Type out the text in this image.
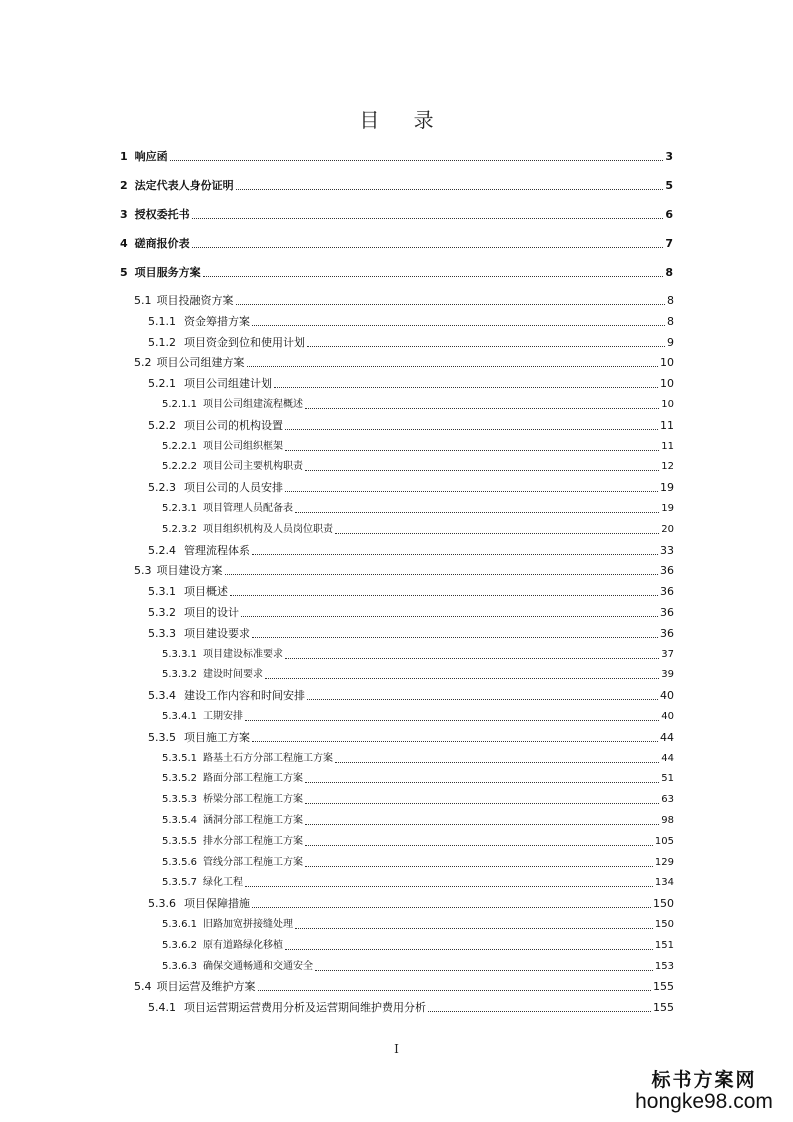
目 录
1 响应函	3
2 法定代表人身份证明	5
3 授权委托书	6
4 磋商报价表	7
5 项目服务方案	8
5.1 项目投融资方案	8
5.1.1 资金筹措方案	8
5.1.2 项目资金到位和使用计划	9
5.2 项目公司组建方案	10
5.2.1 项目公司组建计划	10
5.2.1.1 项目公司组建流程概述	10
5.2.2 项目公司的机构设置	11
5.2.2.1 项目公司组织框架	11
5.2.2.2 项目公司主要机构职责	12
5.2.3 项目公司的人员安排	19
5.2.3.1 项目管理人员配备表	19
5.2.3.2 项目组织机构及人员岗位职责	20
5.2.4 管理流程体系	33
5.3 项目建设方案	36
5.3.1 项目概述	36
5.3.2 项目的设计	36
5.3.3 项目建设要求	36
5.3.3.1 项目建设标准要求	37
5.3.3.2 建设时间要求	39
5.3.4 建设工作内容和时间安排	40
5.3.4.1 工期安排	40
5.3.5 项目施工方案	44
5.3.5.1 路基土石方分部工程施工方案	44
5.3.5.2 路面分部工程施工方案	51
5.3.5.3 桥梁分部工程施工方案	63
5.3.5.4 涵洞分部工程施工方案	98
5.3.5.5 排水分部工程施工方案	105
5.3.5.6 管线分部工程施工方案	129
5.3.5.7 绿化工程	134
5.3.6 项目保障措施	150
5.3.6.1 旧路加宽拼接缝处理	150
5.3.6.2 原有道路绿化移植	151
5.3.6.3 确保交通畅通和交通安全	153
5.4 项目运营及维护方案	155
5.4.1 项目运营期运营费用分析及运营期间维护费用分析	155
I
标书方案网
hongke98.com
